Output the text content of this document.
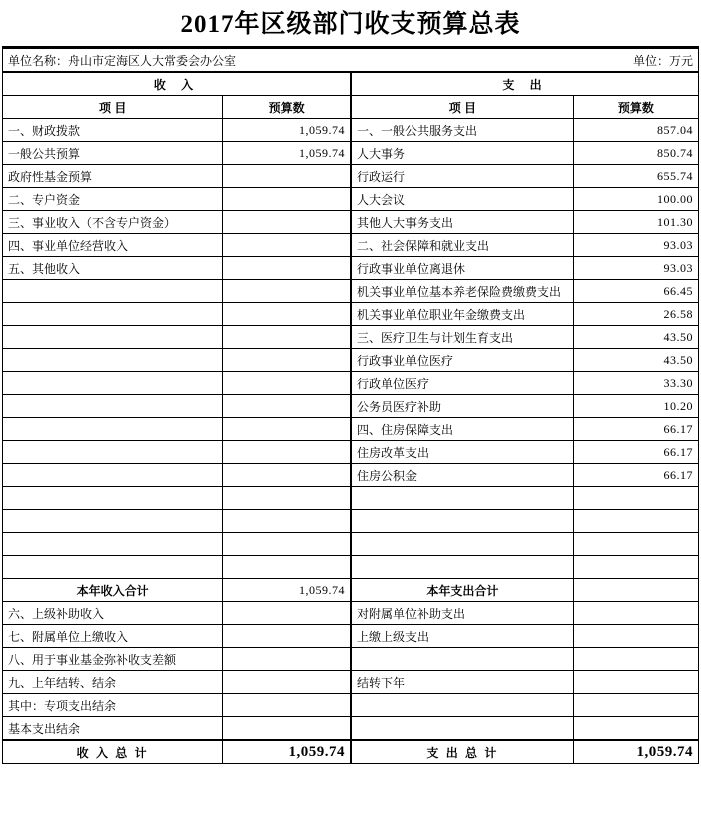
2017年区级部门收支预算总表
单位名称：舟山市定海区人大常委会办公室			单位：万元
收 入		支 出	
项 目	预算数	项 目	预算数
一、财政拨款	1,059.74	一、一般公共服务支出	857.04
一般公共预算	1,059.74	人大事务	850.74
政府性基金预算		行政运行	655.74
二、专户资金		人大会议	100.00
三、事业收入（不含专户资金）		其他人大事务支出	101.30
四、事业单位经营收入		二、社会保障和就业支出	93.03
五、其他收入		行政事业单位离退休	93.03
		机关事业单位基本养老保险费缴费支出	66.45
		机关事业单位职业年金缴费支出	26.58
		三、医疗卫生与计划生育支出	43.50
		行政事业单位医疗	43.50
		行政单位医疗	33.30
		公务员医疗补助	10.20
		四、住房保障支出	66.17
		住房改革支出	66.17
		住房公积金	66.17

本年收入合计	1,059.74	本年支出合计	
六、上级补助收入		对附属单位补助支出	
七、附属单位上缴收入		上缴上级支出	
八、用于事业基金弥补收支差额			
九、上年结转、结余		结转下年	
其中：专项支出结余			
基本支出结余			
收 入 总 计	1,059.74	支 出 总 计	1,059.74
